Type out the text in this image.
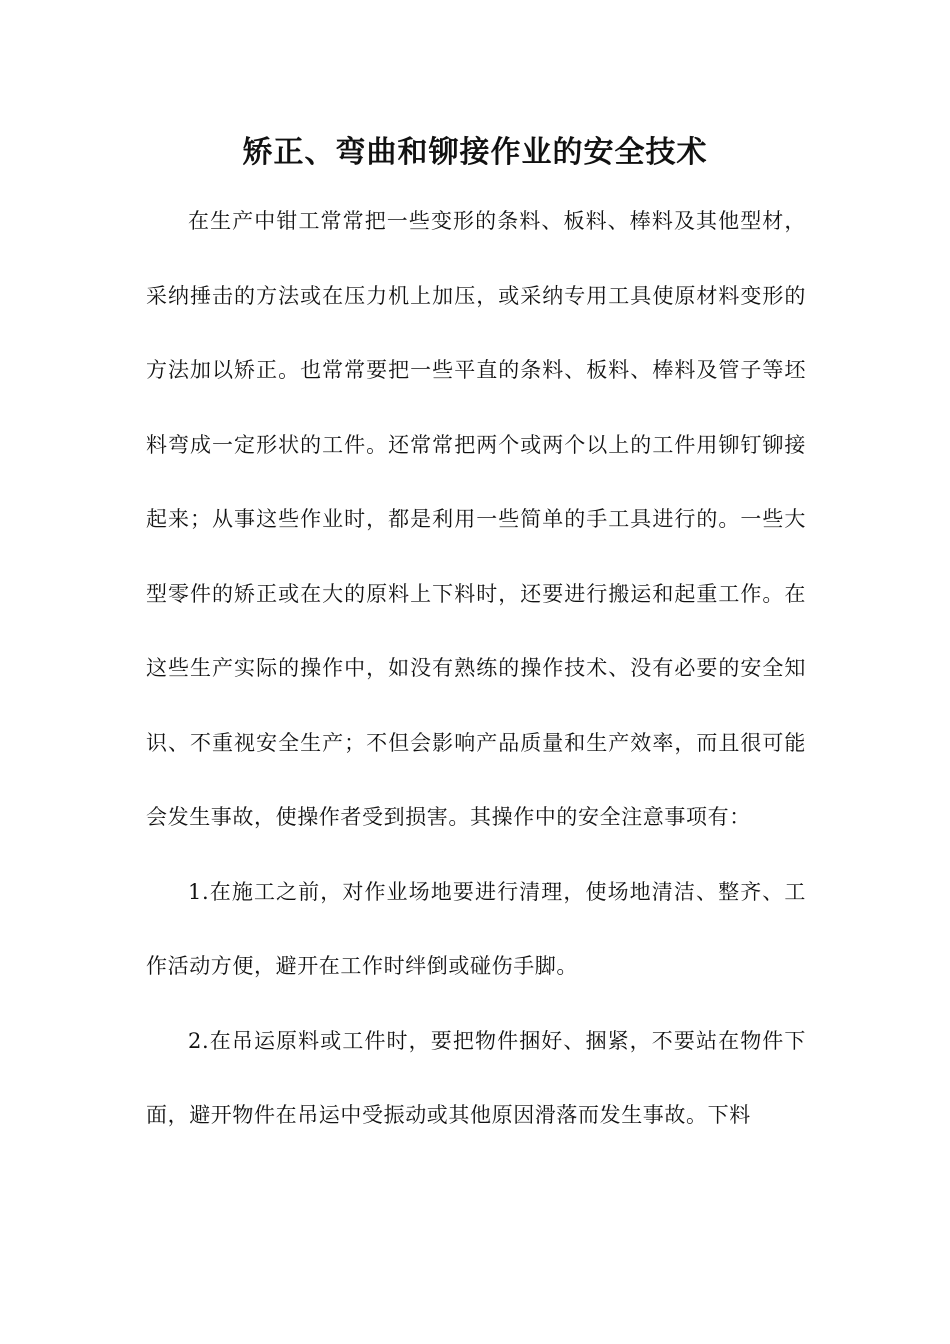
矫正、弯曲和铆接作业的安全技术

在生产中钳工常常把一些变形的条料、板料、棒料及其他型材，采纳捶击的方法或在压力机上加压，或采纳专用工具使原材料变形的方法加以矫正。也常常要把一些平直的条料、板料、棒料及管子等坯料弯成一定形状的工件。还常常把两个或两个以上的工件用铆钉铆接起来；从事这些作业时，都是利用一些简单的手工具进行的。一些大型零件的矫正或在大的原料上下料时，还要进行搬运和起重工作。在这些生产实际的操作中，如没有熟练的操作技术、没有必要的安全知识、不重视安全生产；不但会影响产品质量和生产效率，而且很可能会发生事故，使操作者受到损害。其操作中的安全注意事项有：

1.在施工之前，对作业场地要进行清理，使场地清洁、整齐、工作活动方便，避开在工作时绊倒或碰伤手脚。

2.在吊运原料或工件时，要把物件捆好、捆紧，不要站在物件下面，避开物件在吊运中受振动或其他原因滑落而发生事故。下料
